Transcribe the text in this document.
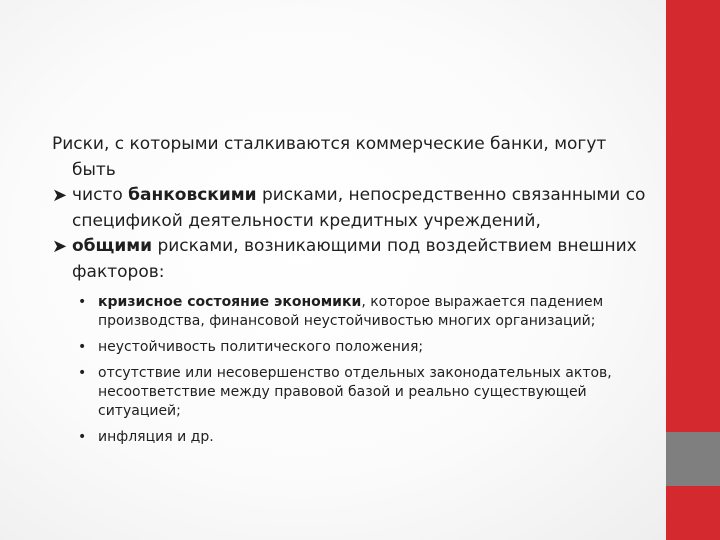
Риски, с которыми сталкиваются коммерческие банки, могут быть
➤ чисто банковскими рисками, непосредственно связанными со спецификой деятельности кредитных учреждений,
➤ общими рисками, возникающими под воздействием внешних факторов:
• кризисное состояние экономики, которое выражается падением производства, финансовой неустойчивостью многих организаций;
• неустойчивость политического положения;
• отсутствие или несовершенство отдельных законодательных актов, несоответствие между правовой базой и реально существующей ситуацией;
• инфляция и др.
